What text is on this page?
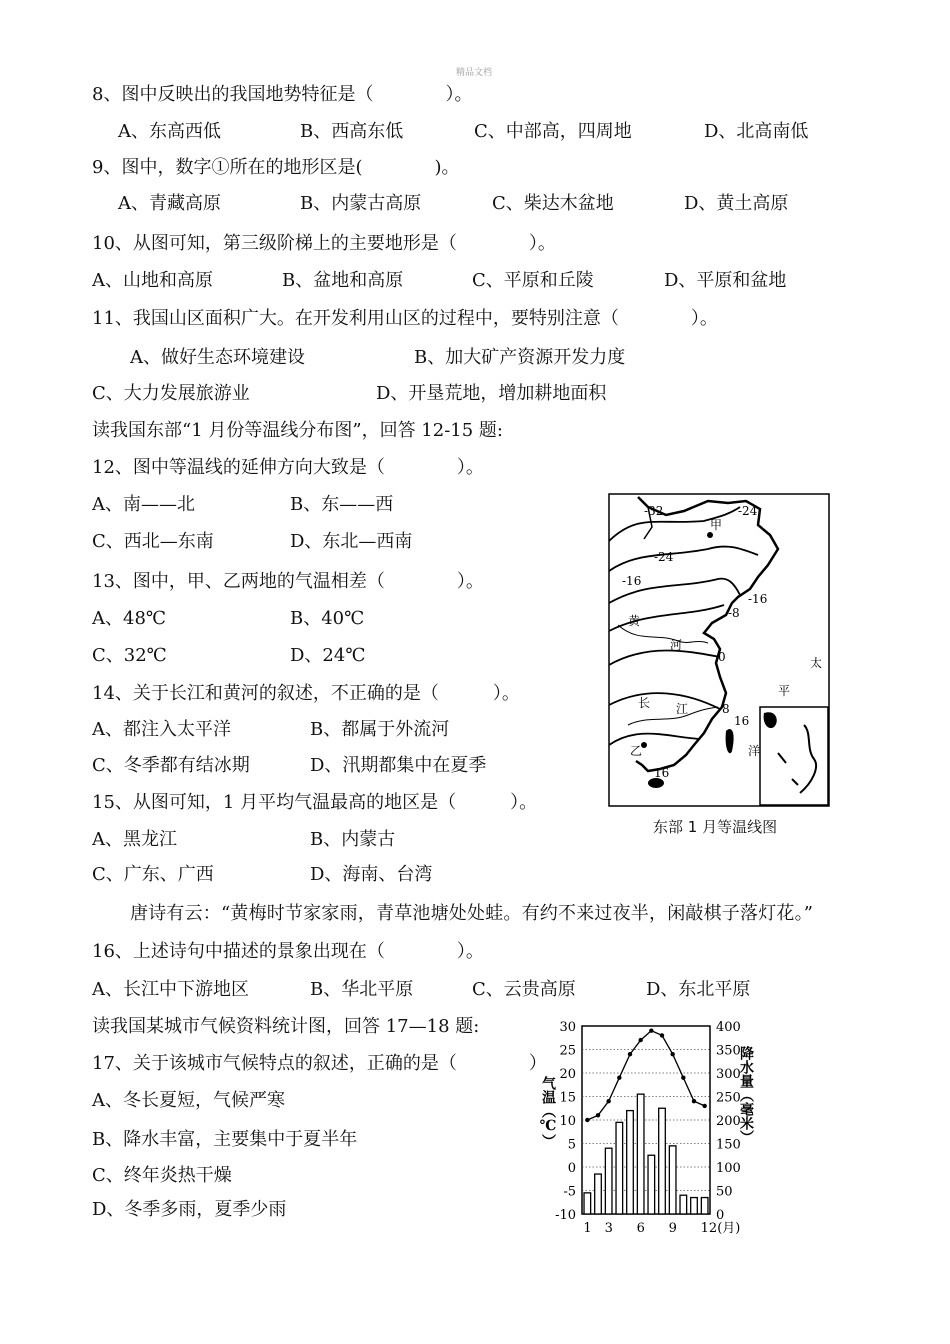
精品文档
8、图中反映出的我国地势特征是（　　　　）。
A、东高西低	B、西高东低	C、中部高，四周地	D、北高南低
9、图中，数字①所在的地形区是(　　　　)。
A、青藏高原	B、内蒙古高原	C、柴达木盆地	D、黄土高原
10、从图可知，第三级阶梯上的主要地形是（　　　　）。
A、山地和高原	B、盆地和高原	C、平原和丘陵	D、平原和盆地
11、我国山区面积广大。在开发利用山区的过程中，要特别注意（　　　　）。
A、做好生态环境建设	B、加大矿产资源开发力度
C、大力发展旅游业	D、开垦荒地，增加耕地面积
读我国东部“1 月份等温线分布图”，回答 12-15 题:
12、图中等温线的延伸方向大致是（　　　　）。
A、南——北	B、东——西
C、西北—东南	D、东北—西南
13、图中，甲、乙两地的气温相差（　　　　）。
A、48℃	B、40℃
C、32℃	D、24℃
14、关于长江和黄河的叙述，不正确的是（　　　）。
A、都注入太平洋	B、都属于外流河
C、冬季都有结冰期	D、汛期都集中在夏季
15、从图可知，1 月平均气温最高的地区是（　　　）。
A、黑龙江	B、内蒙古
C、广东、广西	D、海南、台湾
唐诗有云：“黄梅时节家家雨，青草池塘处处蛙。有约不来过夜半，闲敲棋子落灯花。”
16、上述诗句中描述的景象出现在（　　　　）。
A、长江中下游地区	B、华北平原	C、云贵高原	D、东北平原
读我国某城市气候资料统计图，回答 17—18 题:
17、关于该城市气候特点的叙述，正确的是（　　　　）
A、冬长夏短，气候严寒
B、降水丰富，主要集中于夏半年
C、终年炎热干燥
D、冬季多雨，夏季少雨
-32	-24
-24
-16
-16
-8
0
8
16
16
甲
乙
黄
河
长 江
太
平
洋
东部 1 月等温线图
30	400
25	350
20	300
15	250
10	200
5	150
0	100
-5	50
-10	0
1 3 6 9 12(月)
气温（℃）	降水量（毫米）
